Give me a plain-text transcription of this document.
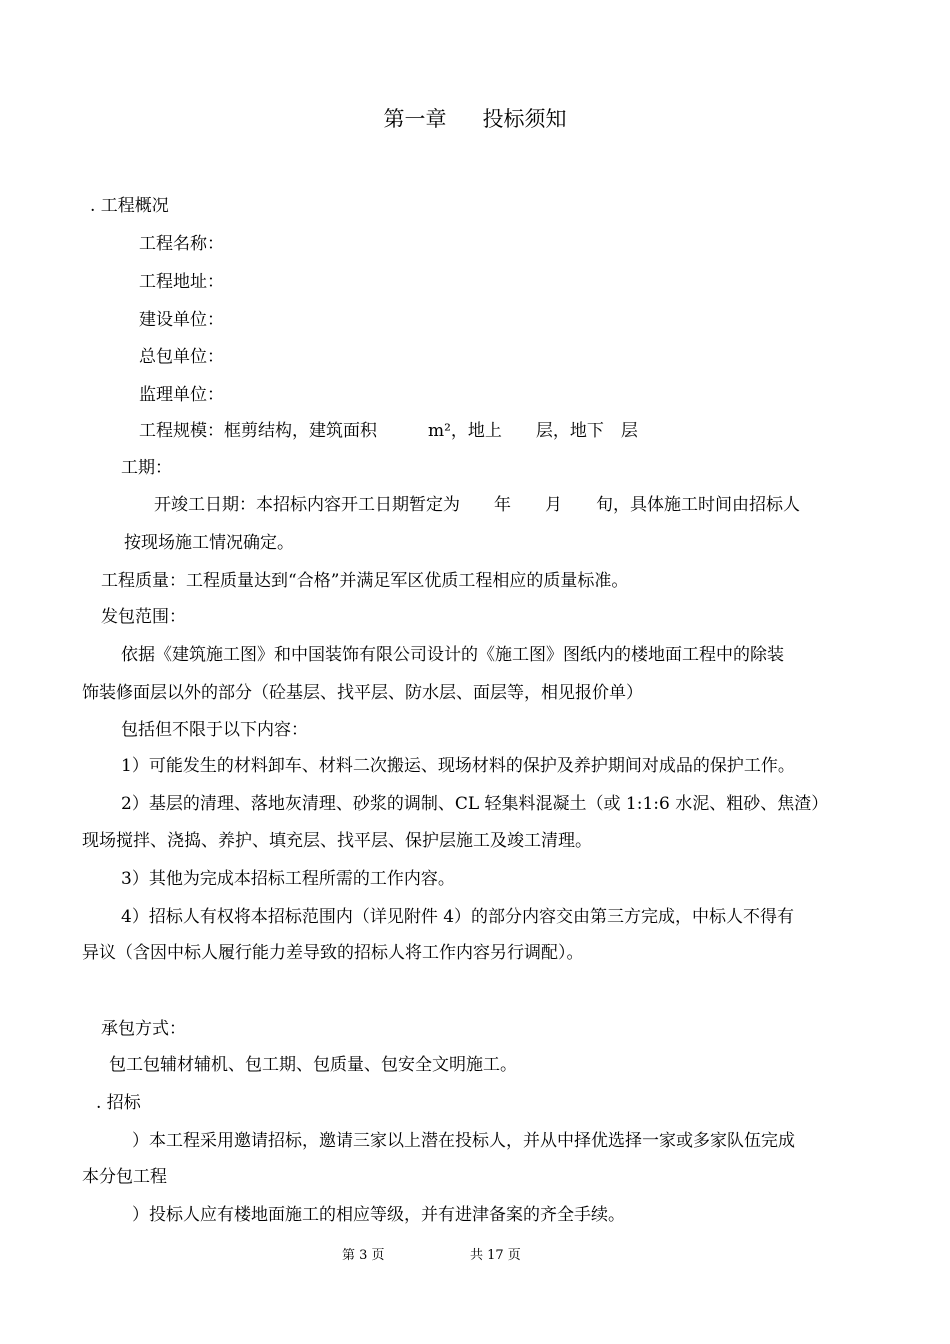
第一章 投标须知
. 工程概况
工程名称：
工程地址：
建设单位：
总包单位：
监理单位：
工程规模：框剪结构，建筑面积　　　m²，地上　　层，地下　层
工期：
开竣工日期：本招标内容开工日期暂定为　　年　　月　　旬，具体施工时间由招标人
按现场施工情况确定。
工程质量：工程质量达到“合格”并满足军区优质工程相应的质量标准。
发包范围：
依据《建筑施工图》和中国装饰有限公司设计的《施工图》图纸内的楼地面工程中的除装
饰装修面层以外的部分（砼基层、找平层、防水层、面层等，相见报价单）
包括但不限于以下内容：
1）可能发生的材料卸车、材料二次搬运、现场材料的保护及养护期间对成品的保护工作。
2）基层的清理、落地灰清理、砂浆的调制、CL 轻集料混凝土（或 1:1:6 水泥、粗砂、焦渣）
现场搅拌、浇捣、养护、填充层、找平层、保护层施工及竣工清理。
3）其他为完成本招标工程所需的工作内容。
4）招标人有权将本招标范围内（详见附件 4）的部分内容交由第三方完成，中标人不得有
异议（含因中标人履行能力差导致的招标人将工作内容另行调配）。
承包方式：
包工包辅材辅机、包工期、包质量、包安全文明施工。
. 招标
）本工程采用邀请招标，邀请三家以上潜在投标人，并从中择优选择一家或多家队伍完成
本分包工程
）投标人应有楼地面施工的相应等级，并有进津备案的齐全手续。
第 3 页	共 17 页
